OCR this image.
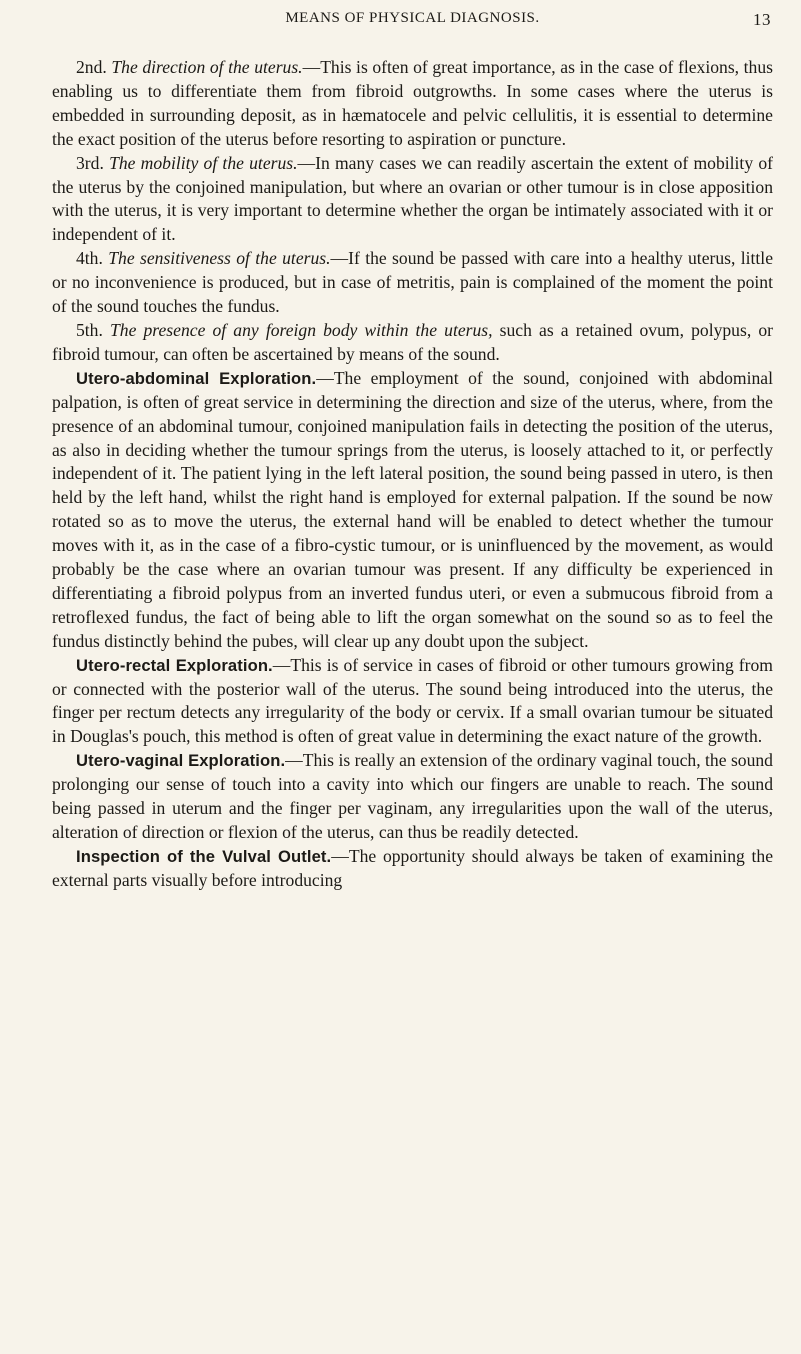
MEANS OF PHYSICAL DIAGNOSIS.	13

2nd. The direction of the uterus.—This is often of great importance, as in the case of flexions, thus enabling us to differentiate them from fibroid outgrowths. In some cases where the uterus is embedded in surrounding deposit, as in hæmatocele and pelvic cellulitis, it is essential to determine the exact position of the uterus before resorting to aspiration or puncture.

3rd. The mobility of the uterus.—In many cases we can readily ascertain the extent of mobility of the uterus by the conjoined manipulation, but where an ovarian or other tumour is in close apposition with the uterus, it is very important to determine whether the organ be intimately associated with it or independent of it.

4th. The sensitiveness of the uterus.—If the sound be passed with care into a healthy uterus, little or no inconvenience is produced, but in case of metritis, pain is complained of the moment the point of the sound touches the fundus.

5th. The presence of any foreign body within the uterus, such as a retained ovum, polypus, or fibroid tumour, can often be ascertained by means of the sound.

Utero-abdominal Exploration.—The employment of the sound, conjoined with abdominal palpation, is often of great service in determining the direction and size of the uterus, where, from the presence of an abdominal tumour, conjoined manipulation fails in detecting the position of the uterus, as also in deciding whether the tumour springs from the uterus, is loosely attached to it, or perfectly independent of it. The patient lying in the left lateral position, the sound being passed in utero, is then held by the left hand, whilst the right hand is employed for external palpation. If the sound be now rotated so as to move the uterus, the external hand will be enabled to detect whether the tumour moves with it, as in the case of a fibro-cystic tumour, or is uninfluenced by the movement, as would probably be the case where an ovarian tumour was present. If any difficulty be experienced in differentiating a fibroid polypus from an inverted fundus uteri, or even a submucous fibroid from a retroflexed fundus, the fact of being able to lift the organ somewhat on the sound so as to feel the fundus distinctly behind the pubes, will clear up any doubt upon the subject.

Utero-rectal Exploration.—This is of service in cases of fibroid or other tumours growing from or connected with the posterior wall of the uterus. The sound being introduced into the uterus, the finger per rectum detects any irregularity of the body or cervix. If a small ovarian tumour be situated in Douglas's pouch, this method is often of great value in determining the exact nature of the growth.

Utero-vaginal Exploration.—This is really an extension of the ordinary vaginal touch, the sound prolonging our sense of touch into a cavity into which our fingers are unable to reach. The sound being passed in uterum and the finger per vaginam, any irregularities upon the wall of the uterus, alteration of direction or flexion of the uterus, can thus be readily detected.

Inspection of the Vulval Outlet.—The opportunity should always be taken of examining the external parts visually before introducing
